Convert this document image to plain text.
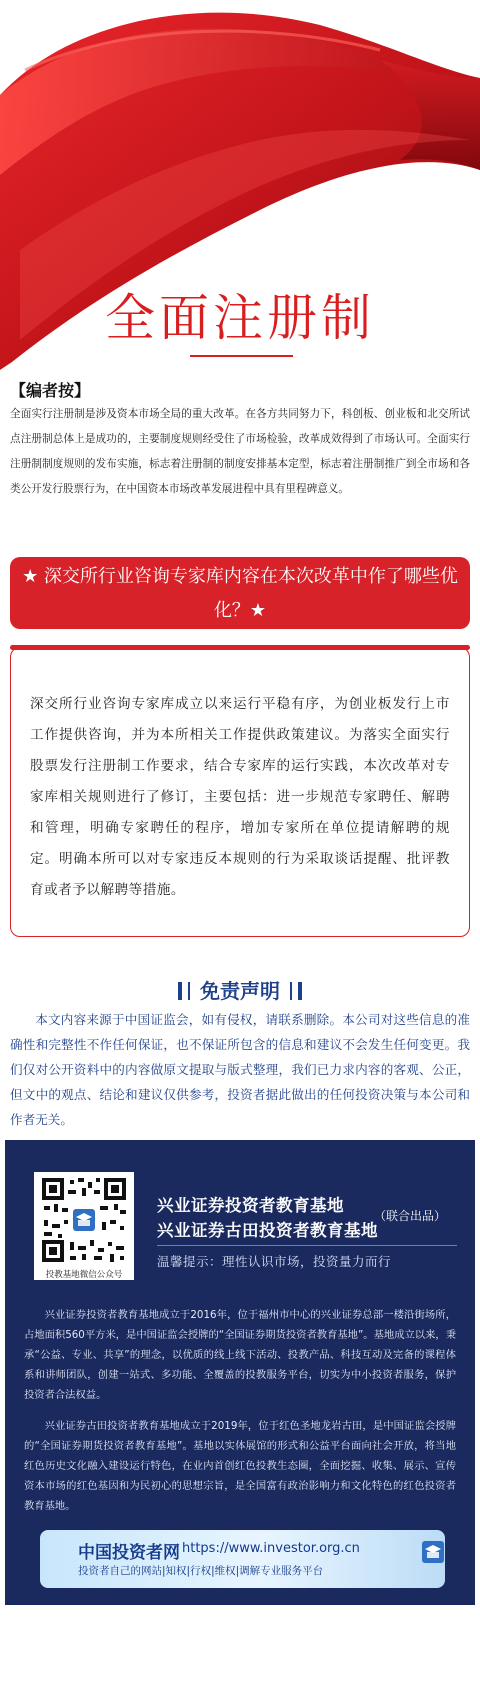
全面注册制
【编者按】
全面实行注册制是涉及资本市场全局的重大改革。在各方共同努力下，科创板、创业板和北交所试点注册制总体上是成功的，主要制度规则经受住了市场检验，改革成效得到了市场认可。全面实行注册制制度规则的发布实施，标志着注册制的制度安排基本定型，标志着注册制推广到全市场和各类公开发行股票行为，在中国资本市场改革发展进程中具有里程碑意义。
★ 深交所行业咨询专家库内容在本次改革中作了哪些优化？★
深交所行业咨询专家库成立以来运行平稳有序，为创业板发行上市工作提供咨询，并为本所相关工作提供政策建议。为落实全面实行股票发行注册制工作要求，结合专家库的运行实践，本次改革对专家库相关规则进行了修订，主要包括：进一步规范专家聘任、解聘和管理，明确专家聘任的程序，增加专家所在单位提请解聘的规定。明确本所可以对专家违反本规则的行为采取谈话提醒、批评教育或者予以解聘等措施。
免责声明
本文内容来源于中国证监会，如有侵权，请联系删除。本公司对这些信息的准确性和完整性不作任何保证，也不保证所包含的信息和建议不会发生任何变更。我们仅对公开资料中的内容做原文提取与版式整理，我们已力求内容的客观、公正，但文中的观点、结论和建议仅供参考，投资者据此做出的任何投资决策与本公司和作者无关。
投教基地微信公众号
兴业证券投资者教育基地
兴业证券古田投资者教育基地
（联合出品）
温馨提示：理性认识市场，投资量力而行
兴业证券投资者教育基地成立于2016年，位于福州市中心的兴业证券总部一楼沿街场所，占地面积560平方米，是中国证监会授牌的“全国证券期货投资者教育基地”。基地成立以来，秉承“公益、专业、共享”的理念，以优质的线上线下活动、投教产品、科技互动及完备的课程体系和讲师团队，创建一站式、多功能、全覆盖的投教服务平台，切实为中小投资者服务，保护投资者合法权益。
兴业证券古田投资者教育基地成立于2019年，位于红色圣地龙岩古田，是中国证监会授牌的“全国证券期货投资者教育基地”。基地以实体展馆的形式和公益平台面向社会开放，将当地红色历史文化融入建设运行特色，在业内首创红色投教生态圈，全面挖掘、收集、展示、宣传资本市场的红色基因和为民初心的思想宗旨，是全国富有政治影响力和文化特色的红色投资者教育基地。
中国投资者网 https://www.investor.org.cn
投资者自己的网站|知权|行权|维权|调解专业服务平台
